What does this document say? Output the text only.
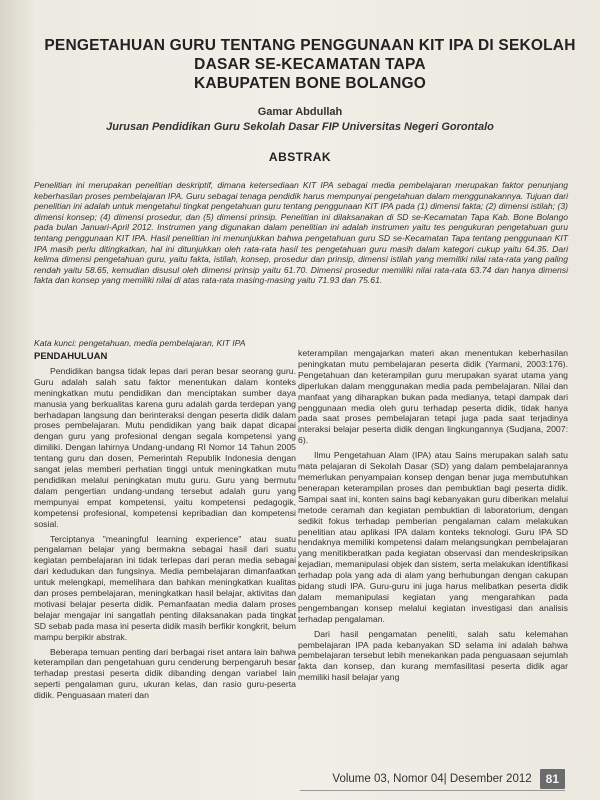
PENGETAHUAN GURU TENTANG PENGGUNAAN KIT IPA DI SEKOLAH
DASAR SE-KECAMATAN TAPA
KABUPATEN BONE BOLANGO
Gamar Abdullah
Jurusan Pendidikan Guru Sekolah Dasar FIP Universitas Negeri Gorontalo
ABSTRAK
Penelitian ini merupakan penelitian deskriptif, dimana ketersediaan KIT IPA sebagai media pembelajaran merupakan faktor penunjang keberhasilan proses pembelajaran IPA. Guru sebagai tenaga pendidik harus mempunyai pengetahuan dalam menggunakannya. Tujuan dari penelitian ini adalah untuk mengetahui tingkat pengetahuan guru tentang penggunaan KIT IPA pada (1) dimensi fakta; (2) dimensi istilah; (3) dimensi konsep; (4) dimensi prosedur, dan (5) dimensi prinsip. Penelitian ini dilaksanakan di SD se-Kecamatan Tapa Kab. Bone Bolango pada bulan Januari-April 2012. Instrumen yang digunakan dalam penelitian ini adalah instrumen yaitu tes pengukuran pengetahuan guru tentang penggunaan KIT IPA. Hasil penelitian ini menunjukkan bahwa pengetahuan guru SD se-Kecamatan Tapa tentang penggunaan KIT IPA masih perlu ditingkatkan, hal ini ditunjukkan oleh rata-rata hasil tes pengetahuan guru masih dalam kategori cukup yaitu 64.35. Dari kelima dimensi pengetahuan guru, yaitu fakta, istilah, konsep, prosedur dan prinsip, dimensi istilah yang memiliki nilai rata-rata yang paling rendah yaitu 58.65, kemudian disusul oleh dimensi prinsip yaitu 61.70. Dimensi prosedur memiliki nilai rata-rata 63.74 dan hanya dimensi fakta dan konsep yang memiliki nilai di atas rata-rata masing-masing yaitu 71.93 dan 75.61.
Kata kunci: pengetahuan, media pembelajaran, KIT IPA
PENDAHULUAN

Pendidikan bangsa tidak lepas dari peran besar seorang guru. Guru adalah salah satu faktor menentukan dalam konteks meningkatkan mutu pendidikan dan menciptakan sumber daya manusia yang berkualitas karena guru adalah garda terdepan yang berhadapan langsung dan berinteraksi dengan peserta didik dalam proses pembelajaran. Mutu pendidikan yang baik dapat dicapai dengan guru yang profesional dengan segala kompetensi yang dimiliki. Dengan lahirnya Undang-undang RI Nomor 14 Tahun 2005 tentang guru dan dosen, Pemerintah Republik Indonesia dengan sangat jelas memberi perhatian tinggi untuk meningkatkan mutu pendidikan melalui peningkatan mutu guru. Guru yang bermutu dalam pengertian undang-undang tersebut adalah guru yang mempunyai empat kompetensi, yaitu kompetensi pedagogik, kompetensi profesional, kompetensi kepribadian dan kompetensi sosial.

Terciptanya "meaningful learning experience" atau suatu pengalaman belajar yang bermakna sebagai hasil dari suatu kegiatan pembelajaran ini tidak terlepas dari peran media sebagai dari kedudukan dan fungsinya. Media pembelajaran dimanfaatkan untuk melengkapi, memelihara dan bahkan meningkatkan kualitas dan proses pembelajaran, meningkatkan hasil belajar, aktivitas dan motivasi belajar peserta didik. Pemanfaatan media dalam proses belajar mengajar ini sangatlah penting dilaksanakan pada tingkat SD sebab pada masa ini peserta didik masih berfikir kongkrit, belum mampu berpikir abstrak.

Beberapa temuan penting dari berbagai riset antara lain bahwa keterampilan dan pengetahuan guru cenderung berpengaruh besar terhadap prestasi peserta didik dibanding dengan variabel lain seperti pengalaman guru, ukuran kelas, dan rasio guru-peserta didik. Penguasaan materi dan

keterampilan mengajarkan materi akan menentukan keberhasilan peningkatan mutu pembelajaran peserta didik (Yarmani, 2003:176). Pengetahuan dan keterampilan guru merupakan syarat utama yang diperlukan dalam menggunakan media pada pembelajaran. Nilai dan manfaat yang diharapkan bukan pada medianya, tetapi dampak dari penggunaan media oleh guru terhadap peserta didik, tidak hanya pada saat proses pembelajaran tetapi juga pada saat terjadinya interaksi belajar peserta didik dengan lingkungannya (Sudjana, 2007: 6).

Ilmu Pengetahuan Alam (IPA) atau Sains merupakan salah satu mata pelajaran di Sekolah Dasar (SD) yang dalam pembelajarannya memerlukan penyampaian konsep dengan benar juga membutuhkan penerapan keterampilan proses dan pembuktian bagi peserta didik. Sampai saat ini, konten sains bagi kebanyakan guru diberikan melalui metode ceramah dan kegiatan pembuktian di laboratorium, dengan sedikit fokus terhadap pemberian pengalaman calam melakukan penelitian atau aplikasi IPA dalam konteks teknologi. Guru IPA SD hendaknya memiliki kompetensi dalam melangsungkan pembelajaran yang menitikberatkan pada kegiatan observasi dan mendeskripsikan kejadian, memanipulasi objek dan sistem, serta melakukan identifikasi terhadap pola yang ada di alam yang berhubungan dengan cakupan bidang studi IPA. Guru-guru ini juga harus melibatkan peserta didik dalam memanipulasi kegiatan yang mengarahkan pada pengembangan konsep melalui kegiatan investigasi dan analisis terhadap pengalaman.

Dari hasil pengamatan peneliti, salah satu kelemahan pembelajaran IPA pada kebanyakan SD selama ini adalah bahwa pembelajaran tersebut lebih menekankan pada penguasaan sejumlah fakta dan konsep, dan kurang memfasilitasi peserta didik agar memiliki hasil belajar yang

Volume 03, Nomor 04| Desember 2012	81
